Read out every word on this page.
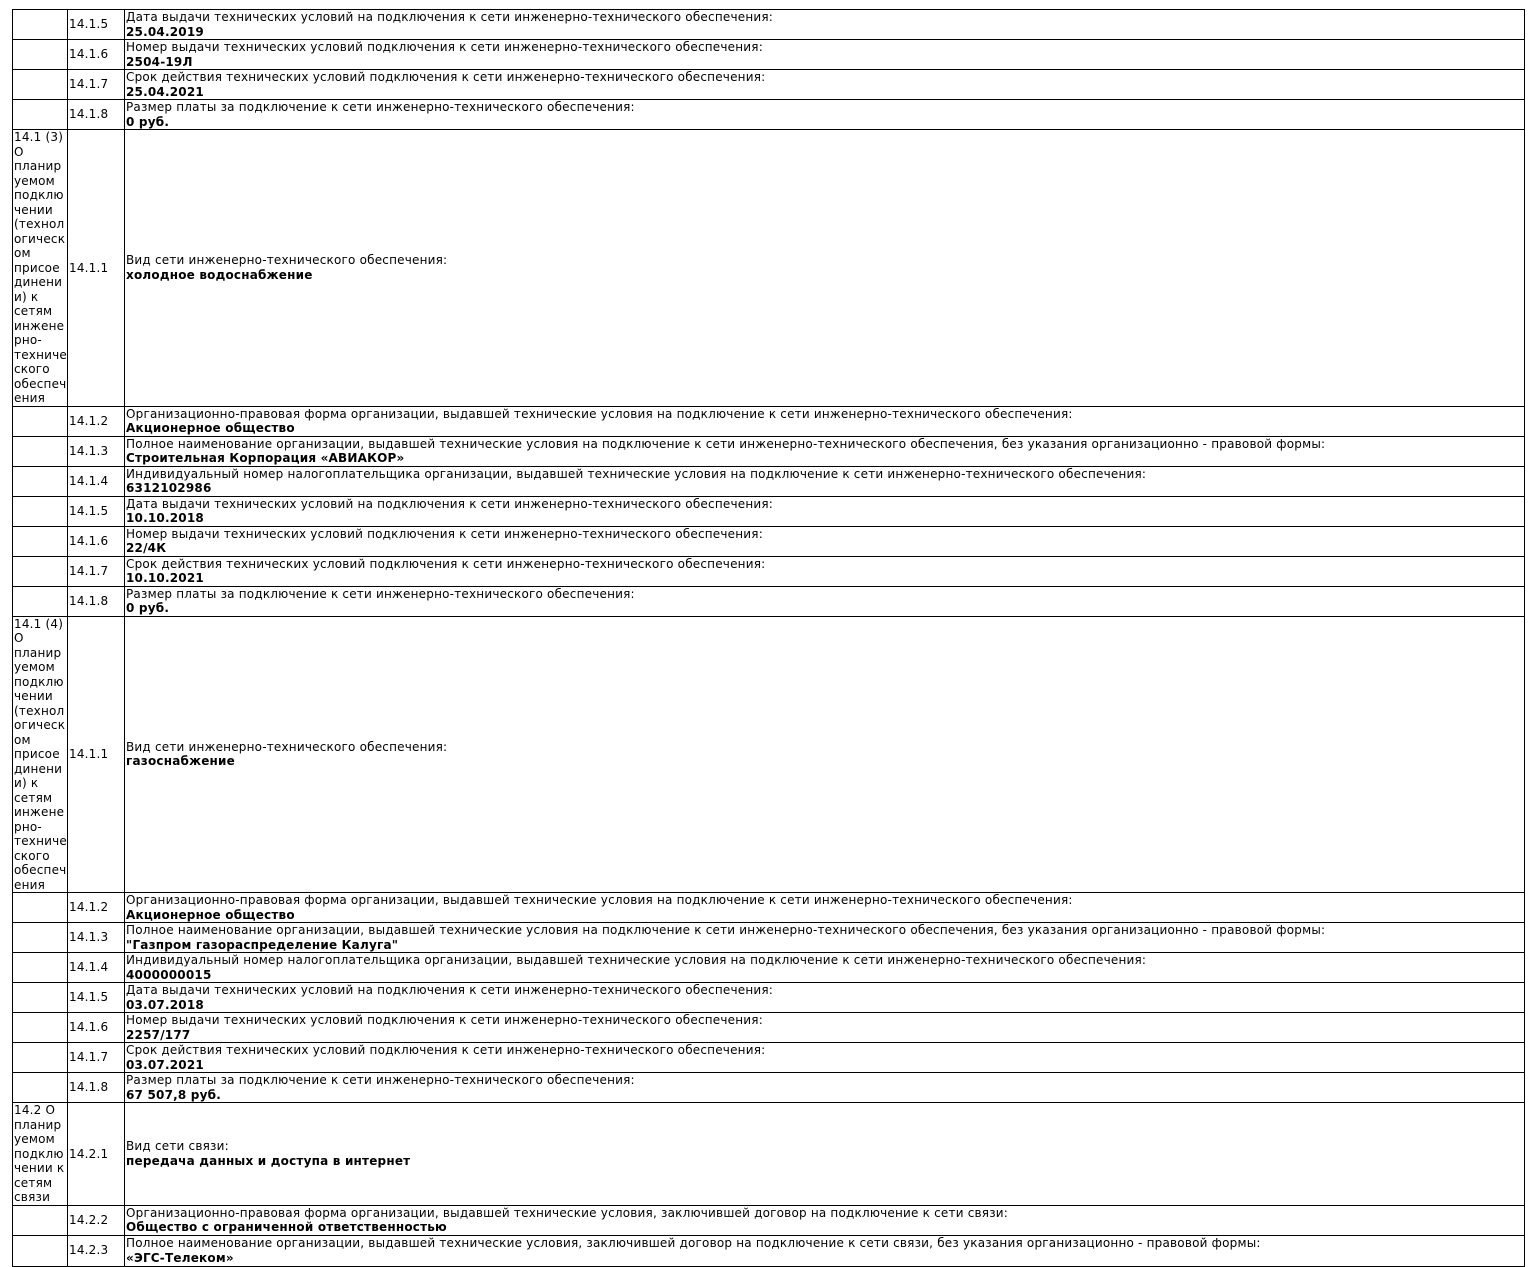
	14.1.5	Дата выдачи технических условий на подключения к сети инженерно-технического обеспечения:
25.04.2019

	14.1.6	Номер выдачи технических условий подключения к сети инженерно-технического обеспечения:
2504-19Л

	14.1.7	Срок действия технических условий подключения к сети инженерно-технического обеспечения:
25.04.2021

	14.1.8	Размер платы за подключение к сети инженерно-технического обеспечения:
0 руб.

14.1 (3) О планируемом подключении (технологическом присоединении) к сетям инженерно-технического обеспечения	14.1.1	Вид сети инженерно-технического обеспечения:
холодное водоснабжение

	14.1.2	Организационно-правовая форма организации, выдавшей технические условия на подключение к сети инженерно-технического обеспечения:
Акционерное общество

	14.1.3	Полное наименование организации, выдавшей технические условия на подключение к сети инженерно-технического обеспечения, без указания организационно - правовой формы:
Строительная Корпорация «АВИАКОР»

	14.1.4	Индивидуальный номер налогоплательщика организации, выдавшей технические условия на подключение к сети инженерно-технического обеспечения:
6312102986

	14.1.5	Дата выдачи технических условий на подключения к сети инженерно-технического обеспечения:
10.10.2018

	14.1.6	Номер выдачи технических условий подключения к сети инженерно-технического обеспечения:
22/4К

	14.1.7	Срок действия технических условий подключения к сети инженерно-технического обеспечения:
10.10.2021

	14.1.8	Размер платы за подключение к сети инженерно-технического обеспечения:
0 руб.

14.1 (4) О планируемом подключении (технологическом присоединении) к сетям инженерно-технического обеспечения	14.1.1	Вид сети инженерно-технического обеспечения:
газоснабжение

	14.1.2	Организационно-правовая форма организации, выдавшей технические условия на подключение к сети инженерно-технического обеспечения:
Акционерное общество

	14.1.3	Полное наименование организации, выдавшей технические условия на подключение к сети инженерно-технического обеспечения, без указания организационно - правовой формы:
"Газпром газораспределение Калуга"

	14.1.4	Индивидуальный номер налогоплательщика организации, выдавшей технические условия на подключение к сети инженерно-технического обеспечения:
4000000015

	14.1.5	Дата выдачи технических условий на подключения к сети инженерно-технического обеспечения:
03.07.2018

	14.1.6	Номер выдачи технических условий подключения к сети инженерно-технического обеспечения:
2257/177

	14.1.7	Срок действия технических условий подключения к сети инженерно-технического обеспечения:
03.07.2021

	14.1.8	Размер платы за подключение к сети инженерно-технического обеспечения:
67 507,8 руб.

14.2 О планируемом подключении к сетям связи	14.2.1	Вид сети связи:
передача данных и доступа в интернет

	14.2.2	Организационно-правовая форма организации, выдавшей технические условия, заключившей договор на подключение к сети связи:
Общество с ограниченной ответственностью

	14.2.3	Полное наименование организации, выдавшей технические условия, заключившей договор на подключение к сети связи, без указания организационно - правовой формы:
«ЭГС-Телеком»
